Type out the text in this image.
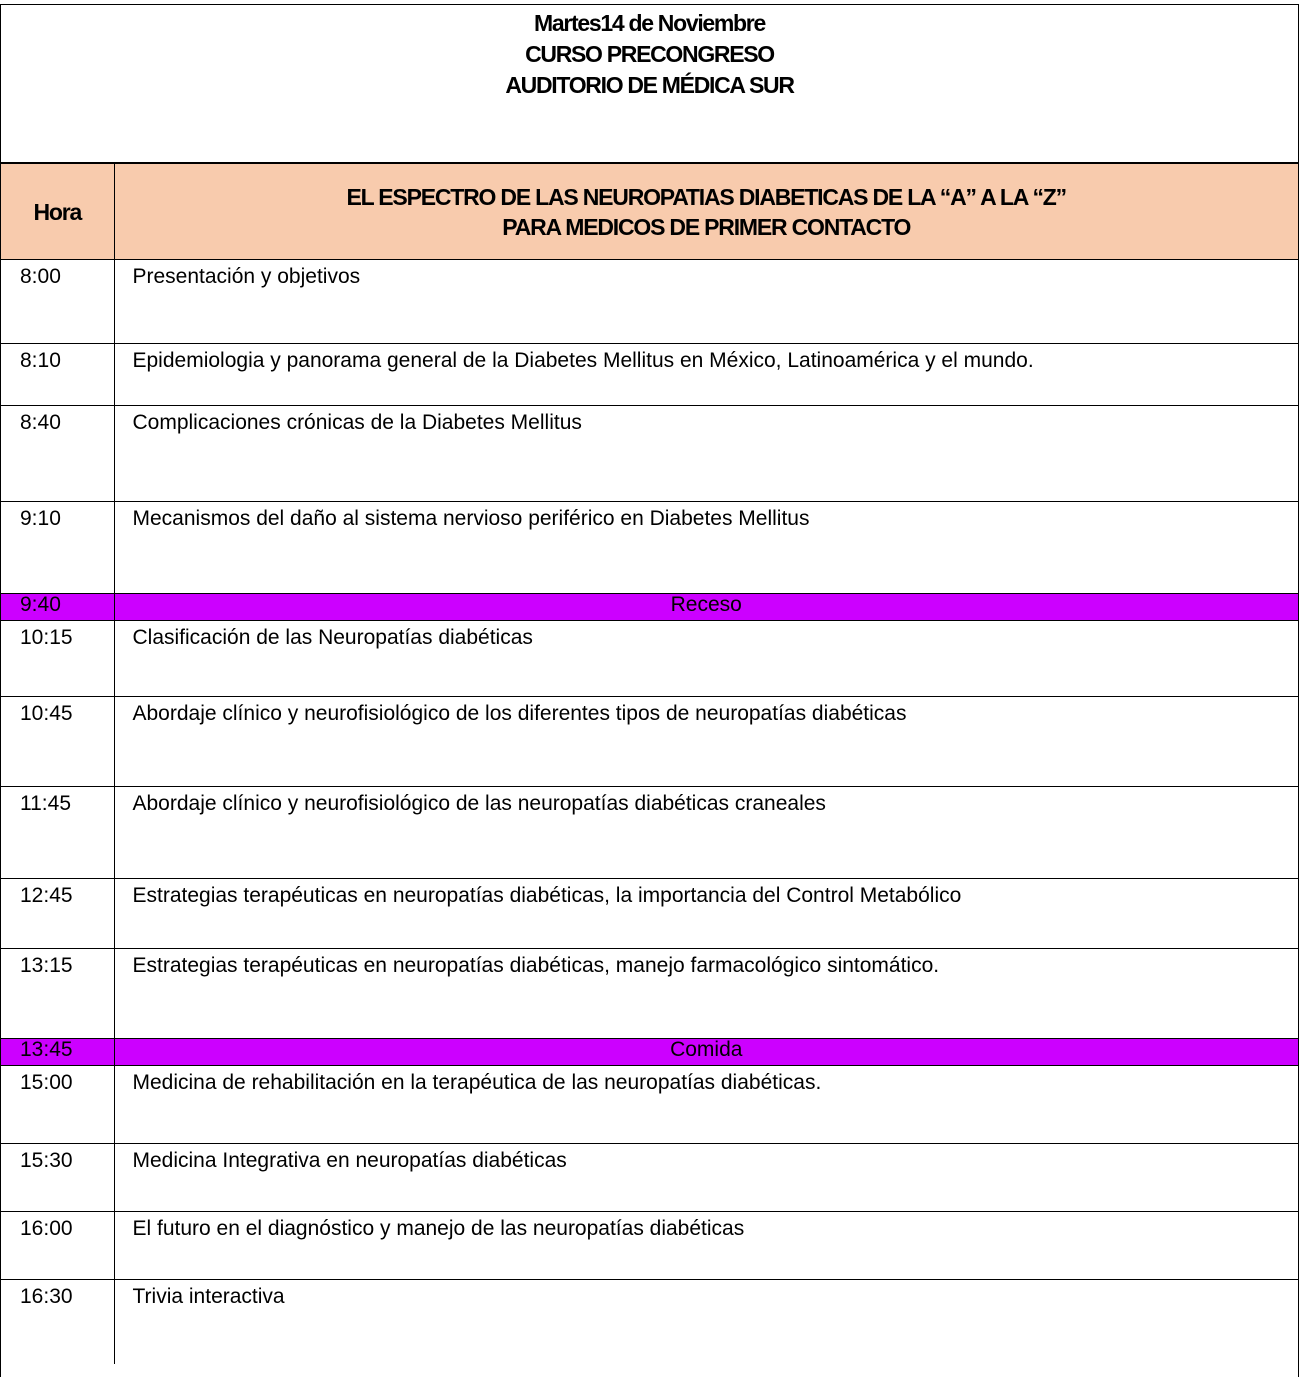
Martes14 de Noviembre
CURSO PRECONGRESO
AUDITORIO DE MÉDICA SUR
Hora	EL ESPECTRO DE LAS NEUROPATIAS DIABETICAS DE LA “A” A LA “Z”
PARA MEDICOS DE PRIMER CONTACTO

8:00	Presentación y objetivos
8:10	Epidemiologia y panorama general de la Diabetes Mellitus en México, Latinoamérica y el mundo.
8:40	Complicaciones crónicas de la Diabetes Mellitus
9:10	Mecanismos del daño al sistema nervioso periférico en Diabetes Mellitus
9:40	Receso
10:15	Clasificación de las Neuropatías diabéticas
10:45	Abordaje clínico y neurofisiológico de los diferentes tipos de neuropatías diabéticas
11:45	Abordaje clínico y neurofisiológico de las neuropatías diabéticas craneales
12:45	Estrategias terapéuticas en neuropatías diabéticas, la importancia del Control Metabólico
13:15	Estrategias terapéuticas en neuropatías diabéticas, manejo farmacológico sintomático.
13:45	Comida
15:00	Medicina de rehabilitación en la terapéutica de las neuropatías diabéticas.
15:30	Medicina Integrativa en neuropatías diabéticas
16:00	El futuro en el diagnóstico y manejo de las neuropatías diabéticas
16:30	Trivia interactiva
